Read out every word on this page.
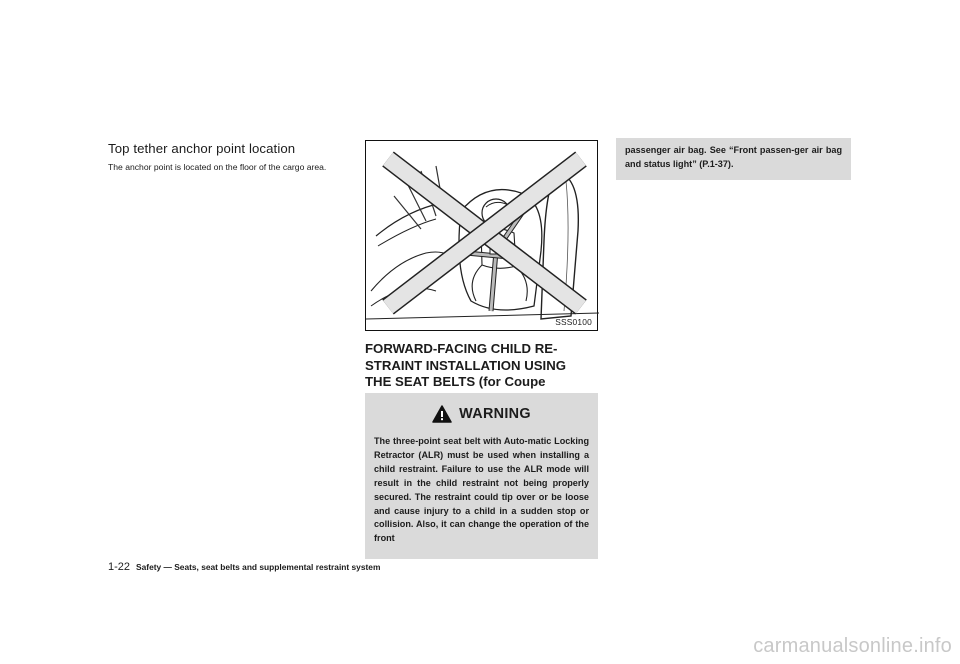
Top tether anchor point location

The anchor point is located on the floor of the cargo area.

SSS0100
FORWARD-FACING CHILD RE-STRAINT INSTALLATION USING THE SEAT BELTS (for Coupe
WARNING

The three-point seat belt with Auto-matic Locking Retractor (ALR) must be used when installing a child restraint. Failure to use the ALR mode will result in the child restraint not being properly secured. The restraint could tip over or be loose and cause injury to a child in a sudden stop or collision. Also, it can change the operation of the front

passenger air bag. See “Front passen-ger air bag and status light” (P.1-37).

1-22 Safety — Seats, seat belts and supplemental restraint system
carmanualsonline.info
